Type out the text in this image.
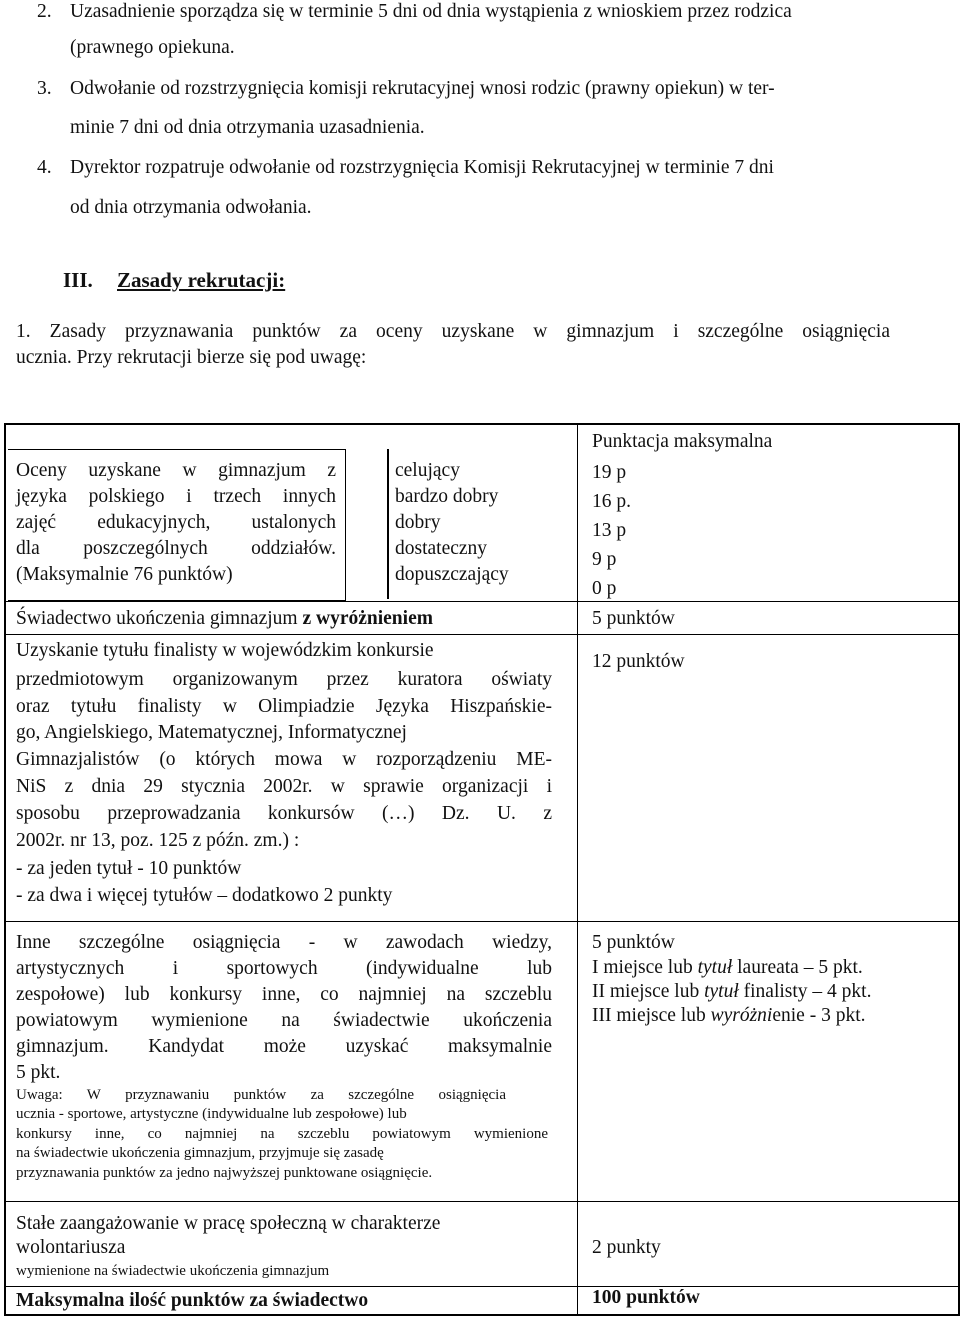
2. Uzasadnienie sporządza się w terminie 5 dni od dnia wystąpienia z wnioskiem przez rodzica
(prawnego opiekuna.
3. Odwołanie od rozstrzygnięcia komisji rekrutacyjnej wnosi rodzic (prawny opiekun) w ter-
minie 7 dni od dnia otrzymania uzasadnienia.
4. Dyrektor rozpatruje odwołanie od rozstrzygnięcia Komisji Rekrutacyjnej w terminie 7 dni
od dnia otrzymania odwołania.
III. Zasady rekrutacji:
1. Zasady przyznawania punktów za oceny uzyskane w gimnazjum i szczególne osiągnięcia
ucznia. Przy rekrutacji bierze się pod uwagę:
Oceny uzyskane w gimnazjum z
języka polskiego i trzech innych
zajęć edukacyjnych, ustalonych
dla poszczególnych oddziałów.
(Maksymalnie 76 punktów)
celujący
bardzo dobry
dobry
dostateczny
dopuszczający
Punktacja maksymalna
19 p
16 p.
13 p
9 p
0 p
Świadectwo ukończenia gimnazjum z wyróżnieniem	5 punktów
Uzyskanie tytułu finalisty w wojewódzkim konkursie
przedmiotowym organizowanym przez kuratora oświaty
oraz tytułu finalisty w Olimpiadzie Języka Hiszpańskie-
go, Angielskiego, Matematycznej, Informatycznej
Gimnazjalistów (o których mowa w rozporządzeniu ME-
NiS z dnia 29 stycznia 2002r. w sprawie organizacji i
sposobu przeprowadzania konkursów (…) Dz. U. z
2002r. nr 13, poz. 125 z późn. zm.) :
- za jeden tytuł - 10 punktów
- za dwa i więcej tytułów – dodatkowo 2 punkty
12 punktów
Inne szczególne osiągnięcia - w zawodach wiedzy,
artystycznych i sportowych (indywidualne lub
zespołowe) lub konkursy inne, co najmniej na szczeblu
powiatowym wymienione na świadectwie ukończenia
gimnazjum. Kandydat może uzyskać maksymalnie
5 pkt.
Uwaga: W przyznawaniu punktów za szczególne osiągnięcia
ucznia - sportowe, artystyczne (indywidualne lub zespołowe) lub
konkursy inne, co najmniej na szczeblu powiatowym wymienione
na świadectwie ukończenia gimnazjum, przyjmuje się zasadę
przyznawania punktów za jedno najwyższej punktowane osiągnięcie.
5 punktów
I miejsce lub tytuł laureata – 5 pkt.
II miejsce lub tytuł finalisty – 4 pkt.
III miejsce lub wyróżnienie - 3 pkt.
Stałe zaangażowanie w pracę społeczną w charakterze
wolontariusza
wymienione na świadectwie ukończenia gimnazjum
2 punkty
Maksymalna ilość punktów za świadectwo	100 punktów
